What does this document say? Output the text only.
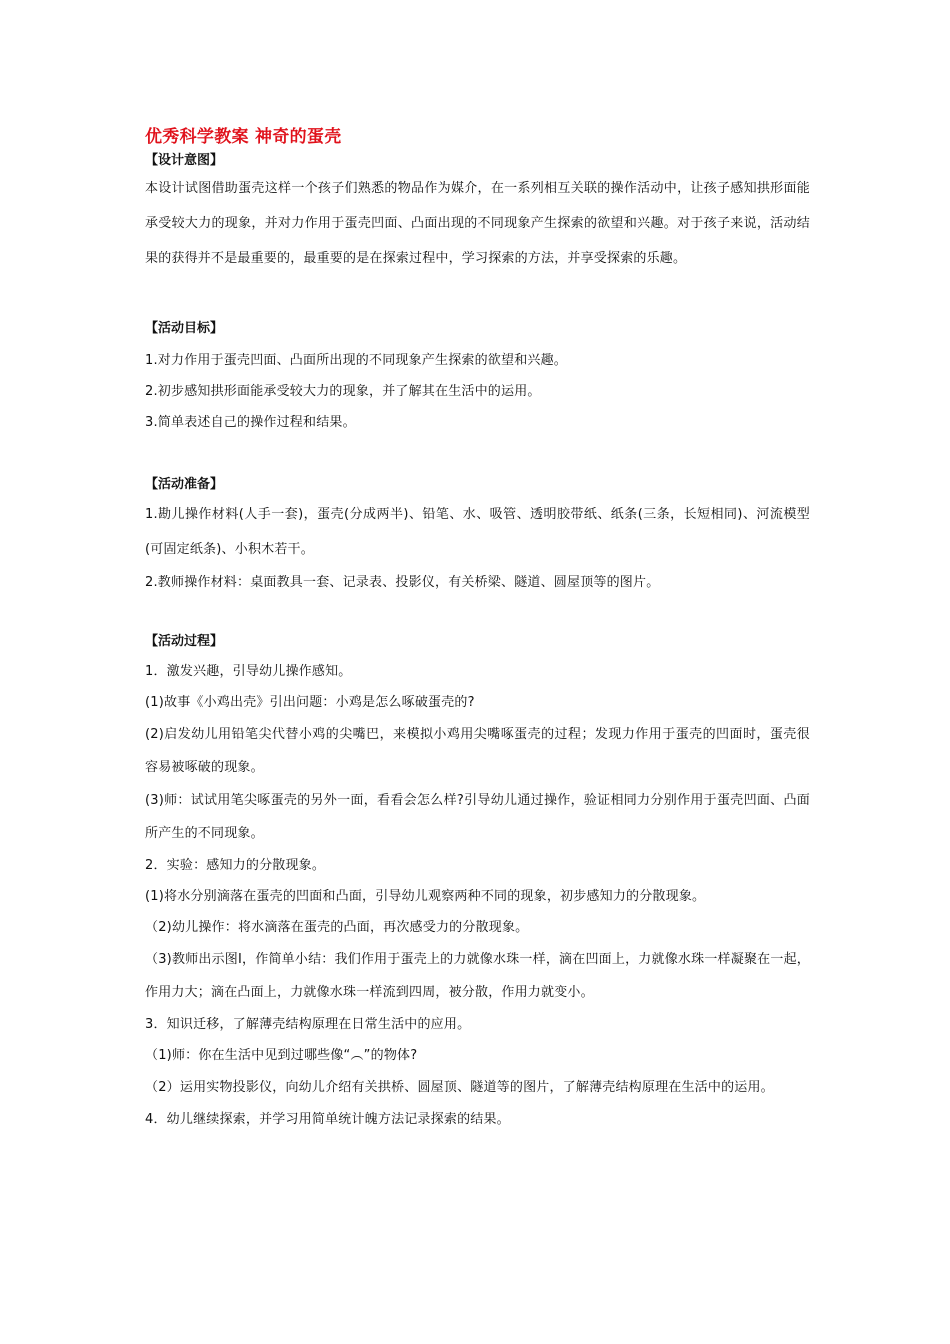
优秀科学教案 神奇的蛋壳
【设计意图】

本设计试图借助蛋壳这样一个孩子们熟悉的物品作为媒介，在一系列相互关联的操作活动中，让孩子感知拱形面能承受较大力的现象，并对力作用于蛋壳凹面、凸面出现的不同现象产生探索的欲望和兴趣。对于孩子来说，活动结果的获得并不是最重要的，最重要的是在探索过程中，学习探索的方法，并享受探索的乐趣。

【活动目标】

1.对力作用于蛋壳凹面、凸面所出现的不同现象产生探索的欲望和兴趣。

2.初步感知拱形面能承受较大力的现象，并了解其在生活中的运用。

3.简单表述自己的操作过程和结果。

【活动准备】

1.勘儿操作材料(人手一套)，蛋壳(分成两半)、铅笔、水、吸管、透明胶带纸、纸条(三条，长短相同)、河流模型(可固定纸条)、小积木若干。

2.教师操作材料：桌面教具一套、记录表、投影仪，有关桥梁、隧道、圆屋顶等的图片。

【活动过程】

1．激发兴趣，引导幼儿操作感知。

(1)故事《小鸡出壳》引出问题：小鸡是怎么啄破蛋壳的?

(2)启发幼儿用铅笔尖代替小鸡的尖嘴巴，来模拟小鸡用尖嘴啄蛋壳的过程；发现力作用于蛋壳的凹面时，蛋壳很容易被啄破的现象。

(3)师：试试用笔尖啄蛋壳的另外一面，看看会怎么样?引导幼儿通过操作，验证相同力分别作用于蛋壳凹面、凸面所产生的不同现象。

2．实验：感知力的分散现象。

(1)将水分别滴落在蛋壳的凹面和凸面，引导幼儿观察两种不同的现象，初步感知力的分散现象。

（2)幼儿操作：将水滴落在蛋壳的凸面，再次感受力的分散现象。

（3)教师出示图Ⅰ，作简单小结：我们作用于蛋壳上的力就像水珠一样，滴在凹面上，力就像水珠一样凝聚在一起，作用力大；滴在凸面上，力就像水珠一样流到四周，被分散，作用力就变小。

3．知识迁移，了解薄壳结构原理在日常生活中的应用。

（1)师：你在生活中见到过哪些像“︵”的物体?

（2）运用实物投影仪，向幼儿介绍有关拱桥、圆屋顶、隧道等的图片，了解薄壳结构原理在生活中的运用。

4．幼儿继续探索，并学习用简单统计魄方法记录探索的结果。
